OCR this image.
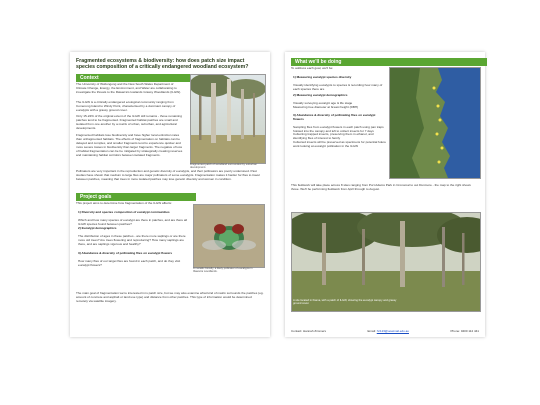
Fragmented ecosystems & biodiversity: how does patch size impact species composition of a critically endangered woodland ecosystem?
Context
The University of Wollongong and the New South Wales Department of Climate Change, Energy, the Environment, and Water are collaborating to investigate the threats to the Illawarra's lowlands Grassy Woodlands (ILGW).
The ILGW is a critically endangered ecological community ranging from Comerong Island to Windy Point, characterised by a dominant canopy of eucalypts with a grassy ground cover.
Only 15-24% of the original extent of the ILGW still remains - those remaining patches tend to be fragmented. Fragmented habitat patches are small and isolated from one another by a matrix of urban, suburban, and agricultural developments.
Fragmented habitats lose biodiversity and have higher local extinction rates than unfragmented habitats. The effects of fragmentation on habitats can be delayed and complex, and smaller fragments tend to experience quicker and more severe losses in biodiversity than larger fragments. The negative of loss of habitat fragmentation can be be mitigated by strategically creating reserves and maintaining habitat corridors between isolated fragments.
Pollinators are very important in the reproduction and genetic diversity of eucalypts, and their pollinators are poorly understood. Past studies have shown that medium to large flies are major pollinators of some eucalypts. Fragmentation makes it harder for flies to travel between patches, meaning that trees in more isolated patches may lose genetic diversity and worsen in condition.
Fragmented patch of woodland surrounded by suburban development.
Project goals
This project aims to determine how fragmentation of the ILGW affects:

1) Diversity and species composition of eucalypt communities

Which and how many species of eucalypt are there in patches, and are there all ILGW species found between patches?

2) Eucalypt demographics

The distribution of ages in these patches - are there more saplings or are there more old trees? Are trees flowering and reproducing? How many saplings are there, and are saplings vigorous and healthy?

3) Abundance & diversity of pollinating flies on eucalypt flowers

How many flies of our target flies are found in each patch, and do they visit eucalypt flowers?

A metallic blowfly, a likely pollinator of eucalypts in Illawarra woodlands.
The main goal of fragmentation we're interested in is patch size, but we may also examine what kind of matrix surrounds the patches (eg. amount of concrete and asphalt or land use type) and distance from other patches. This type of information would be determined remotely via satellite imagery.
What we'll be doing
To address each goal, we'll be:

1) Measuring eucalypt species diversity

Visually identifying eucalypts to species & recording how many of each species there are

2) Measuring eucalypt demographics

Visually surveying eucalypt age & life stage
Measuring tree diameter at breast height (DBH)

3) Abundance & diversity of pollinating flies on eucalypt flowers

Sampling flies from eucalypt flowers in each patch using pan traps hoisted into the canopy and left to collect insects for 7 days
Collecting trapped insects, preserving them in ethanol, and identifying flies of interest to family
Collected insects will be preserved as specimens for potential future work looking at eucalypt pollination in the ILGW

This fieldwork will take place across 8 sites ranging from Port Adams Park in Cronomal to out Dunmore - the map to the right shows those. We'll be performing fieldwork from April through to August.
A site located in Kiama, with a patch of ILGW, showing the eucalypt canopy and grassy ground cover.
Contact: Hannah Zimmers	Email: hz123@uowmail.edu.au	Phone: 0400 112 441
